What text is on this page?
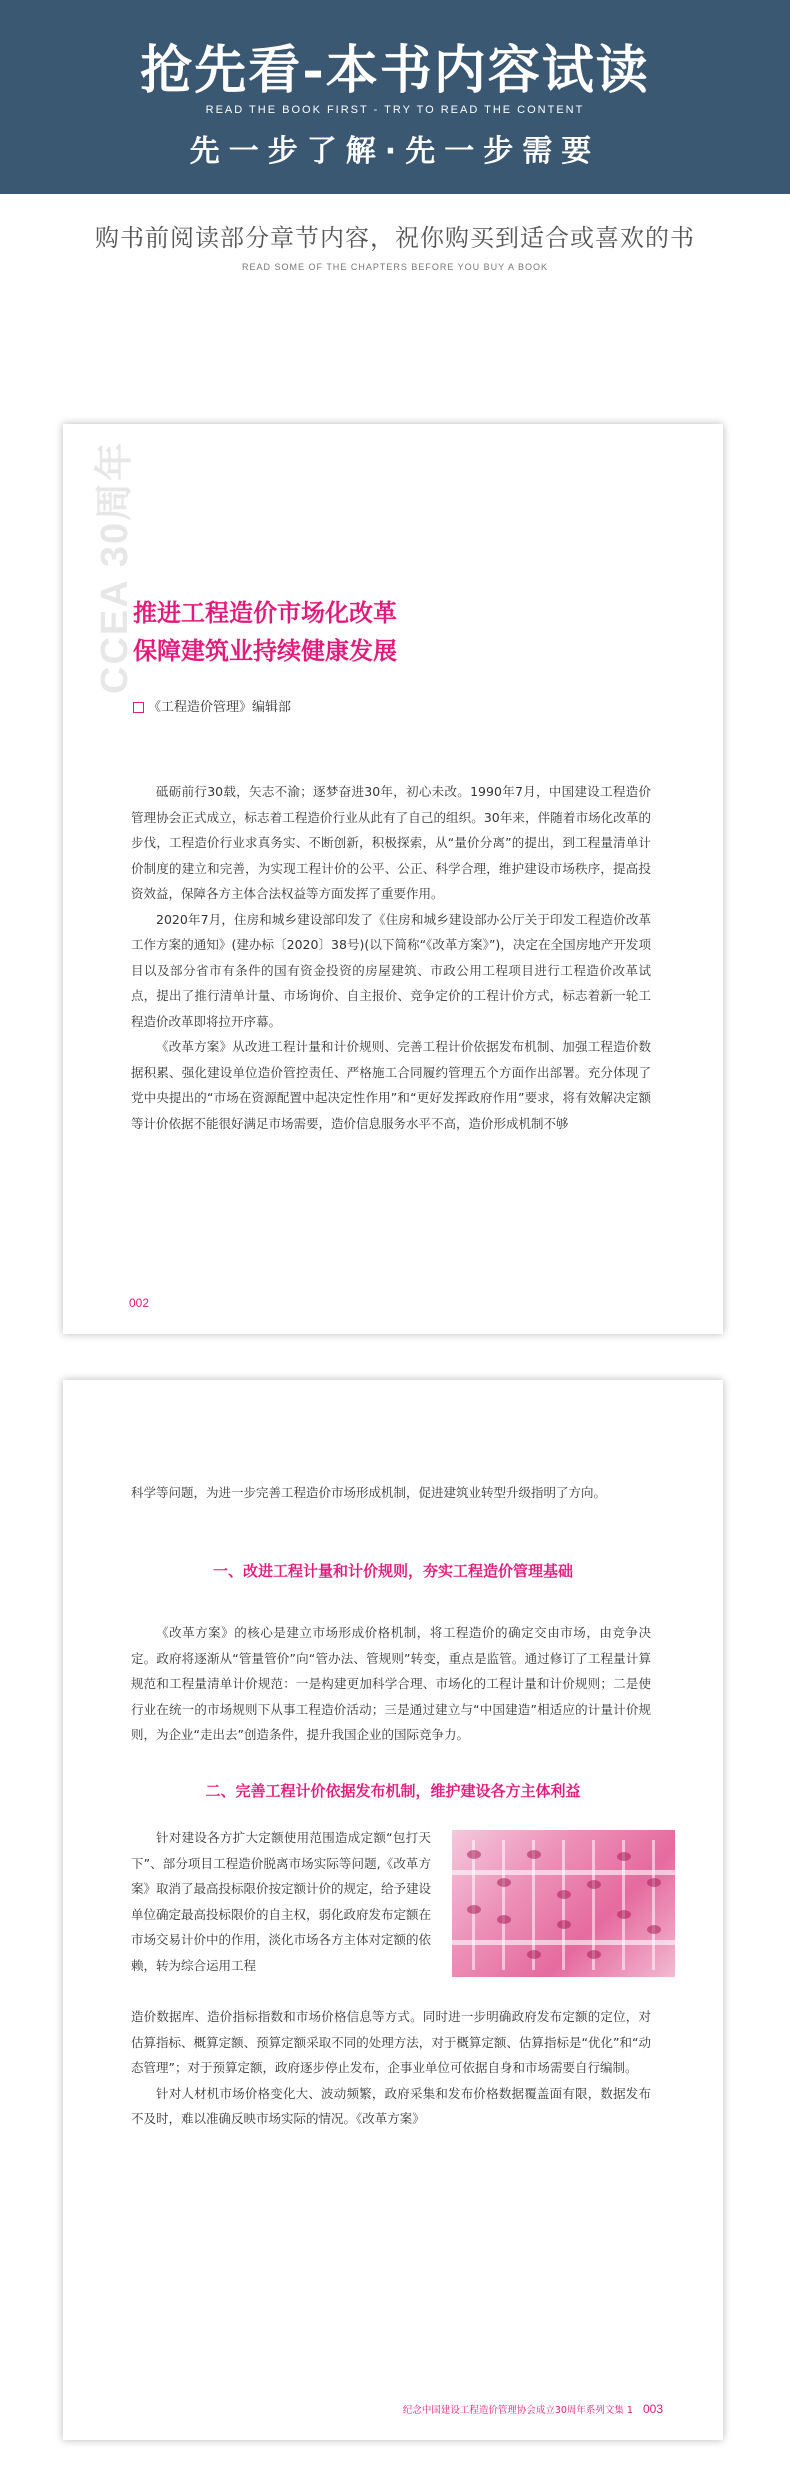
抢先看-本书内容试读
READ THE BOOK FIRST - TRY TO READ THE CONTENT
先一步了解·先一步需要
购书前阅读部分章节内容，祝你购买到适合或喜欢的书
READ SOME OF THE CHAPTERS BEFORE YOU BUY A BOOK
CCEA 30周年
推进工程造价市场化改革
保障建筑业持续健康发展
《工程造价管理》编辑部

砥砺前行30载，矢志不渝；逐梦奋进30年，初心未改。1990年7月，中国建设工程造价管理协会正式成立，标志着工程造价行业从此有了自己的组织。30年来，伴随着市场化改革的步伐，工程造价行业求真务实、不断创新，积极探索，从“量价分离”的提出，到工程量清单计价制度的建立和完善，为实现工程计价的公平、公正、科学合理，维护建设市场秩序，提高投资效益，保障各方主体合法权益等方面发挥了重要作用。

2020年7月，住房和城乡建设部印发了《住房和城乡建设部办公厅关于印发工程造价改革工作方案的通知》(建办标〔2020〕38号)(以下简称“《改革方案》”)，决定在全国房地产开发项目以及部分省市有条件的国有资金投资的房屋建筑、市政公用工程项目进行工程造价改革试点，提出了推行清单计量、市场询价、自主报价、竞争定价的工程计价方式，标志着新一轮工程造价改革即将拉开序幕。

《改革方案》从改进工程计量和计价规则、完善工程计价依据发布机制、加强工程造价数据积累、强化建设单位造价管控责任、严格施工合同履约管理五个方面作出部署。充分体现了党中央提出的“市场在资源配置中起决定性作用”和“更好发挥政府作用”要求，将有效解决定额等计价依据不能很好满足市场需要，造价信息服务水平不高，造价形成机制不够

002

科学等问题，为进一步完善工程造价市场形成机制，促进建筑业转型升级指明了方向。

一、改进工程计量和计价规则，夯实工程造价管理基础

《改革方案》的核心是建立市场形成价格机制，将工程造价的确定交由市场，由竞争决定。政府将逐渐从“管量管价”向“管办法、管规则”转变，重点是监管。通过修订了工程量计算规范和工程量清单计价规范：一是构建更加科学合理、市场化的工程计量和计价规则；二是使行业在统一的市场规则下从事工程造价活动；三是通过建立与“中国建造”相适应的计量计价规则，为企业“走出去”创造条件，提升我国企业的国际竞争力。

二、完善工程计价依据发布机制，维护建设各方主体利益

针对建设各方扩大定额使用范围造成定额“包打天下”、部分项目工程造价脱离市场实际等问题,《改革方案》取消了最高投标限价按定额计价的规定，给予建设单位确定最高投标限价的自主权，弱化政府发布定额在市场交易计价中的作用，淡化市场各方主体对定额的依赖，转为综合运用工程

造价数据库、造价指标指数和市场价格信息等方式。同时进一步明确政府发布定额的定位，对估算指标、概算定额、预算定额采取不同的处理方法，对于概算定额、估算指标是“优化”和“动态管理”；对于预算定额，政府逐步停止发布，企事业单位可依据自身和市场需要自行编制。

针对人材机市场价格变化大、波动频繁，政府采集和发布价格数据覆盖面有限，数据发布不及时，难以准确反映市场实际的情况。《改革方案》

纪念中国建设工程造价管理协会成立30周年系列文集 1 003
